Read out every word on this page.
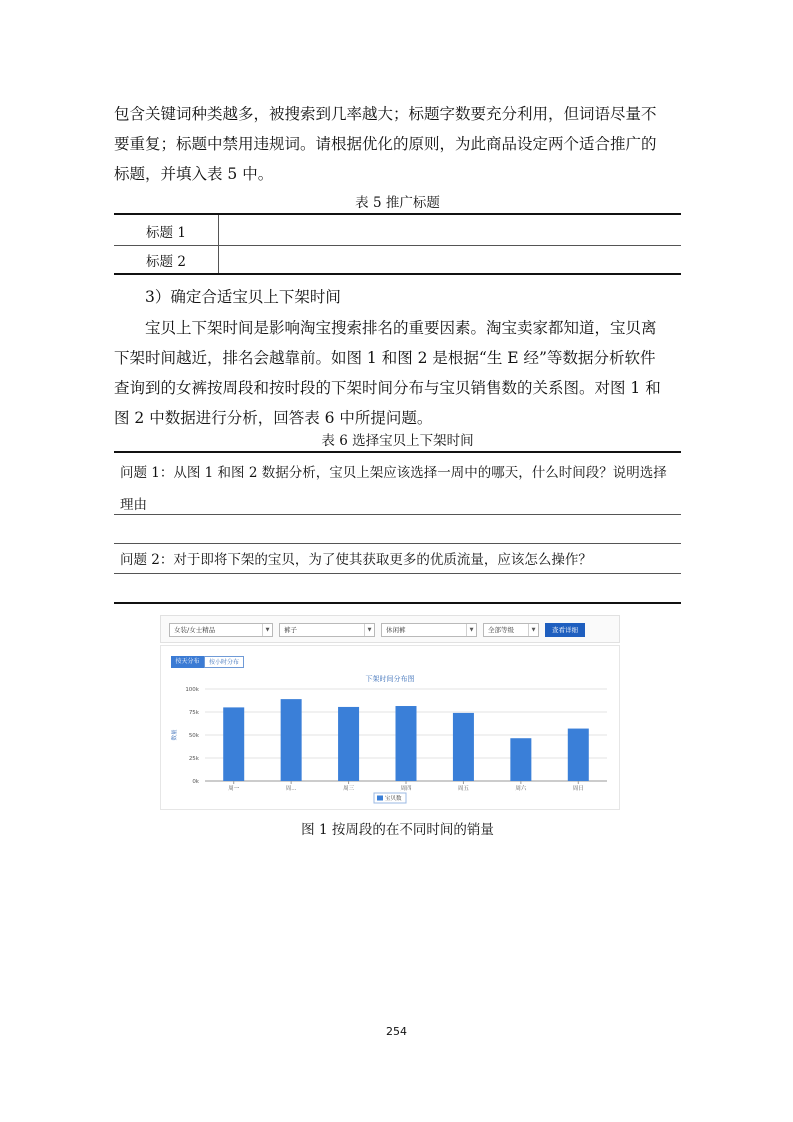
包含关键词种类越多，被搜索到几率越大；标题字数要充分利用，但词语尽量不
要重复；标题中禁用违规词。请根据优化的原则，为此商品设定两个适合推广的
标题，并填入表 5 中。

表 5 推广标题
标题 1
标题 2
3）确定合适宝贝上下架时间

宝贝上下架时间是影响淘宝搜索排名的重要因素。淘宝卖家都知道，宝贝离
下架时间越近，排名会越靠前。如图 1 和图 2 是根据“生 E 经”等数据分析软件
查询到的女裤按周段和按时段的下架时间分布与宝贝销售数的关系图。对图 1 和
图 2 中数据进行分析，回答表 6 中所提问题。

表 6 选择宝贝上下架时间
问题 1：从图 1 和图 2 数据分析，宝贝上架应该选择一周中的哪天，什么时间段？说明选择
理由
问题 2：对于即将下架的宝贝，为了使其获取更多的优质流量，应该怎么操作？
女装/女士精品	▼	裤子	▼	休闲裤	▼	全部等级	▼	查看详细
按天分布	按小时分布
下架时间分布图
0k
25k
50k
75k
100k
数量
周一	周...	周三	周四	周五	周六	周日
宝贝数
图 1 按周段的在不同时间的销量
254
